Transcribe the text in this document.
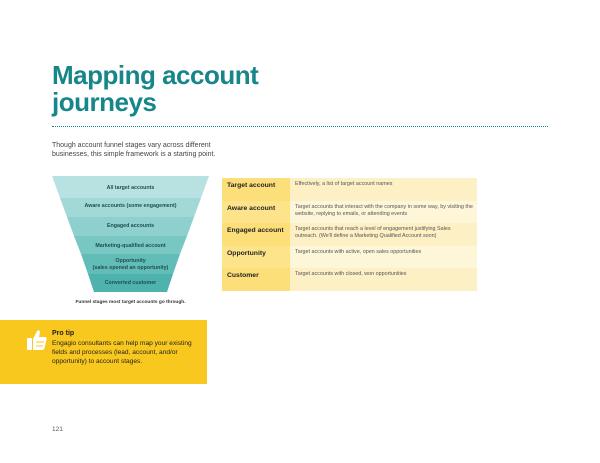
Mapping account
journeys

Though account funnel stages vary across different businesses, this simple framework is a starting point.

All target accounts
Aware accounts (some engagement)
Engaged accounts
Marketing-qualified account
Opportunity
(sales opened an opportunity)
Converted customer
Funnel stages most target accounts go through.
Target account	Effectively, a list of target account names
Aware account	Target accounts that interact with the company in some way, by visiting the website, replying to emails, or attending events
Engaged account	Target accounts that reach a level of engagement justifying Sales outreach. (We'll define a Marketing Qualified Account soon)
Opportunity	Target accounts with active, open sales opportunities
Customer	Target accounts with closed, won opportunities
Pro tip
Engagio consultants can help map your existing fields and processes (lead, account, and/or opportunity) to account stages.
121
